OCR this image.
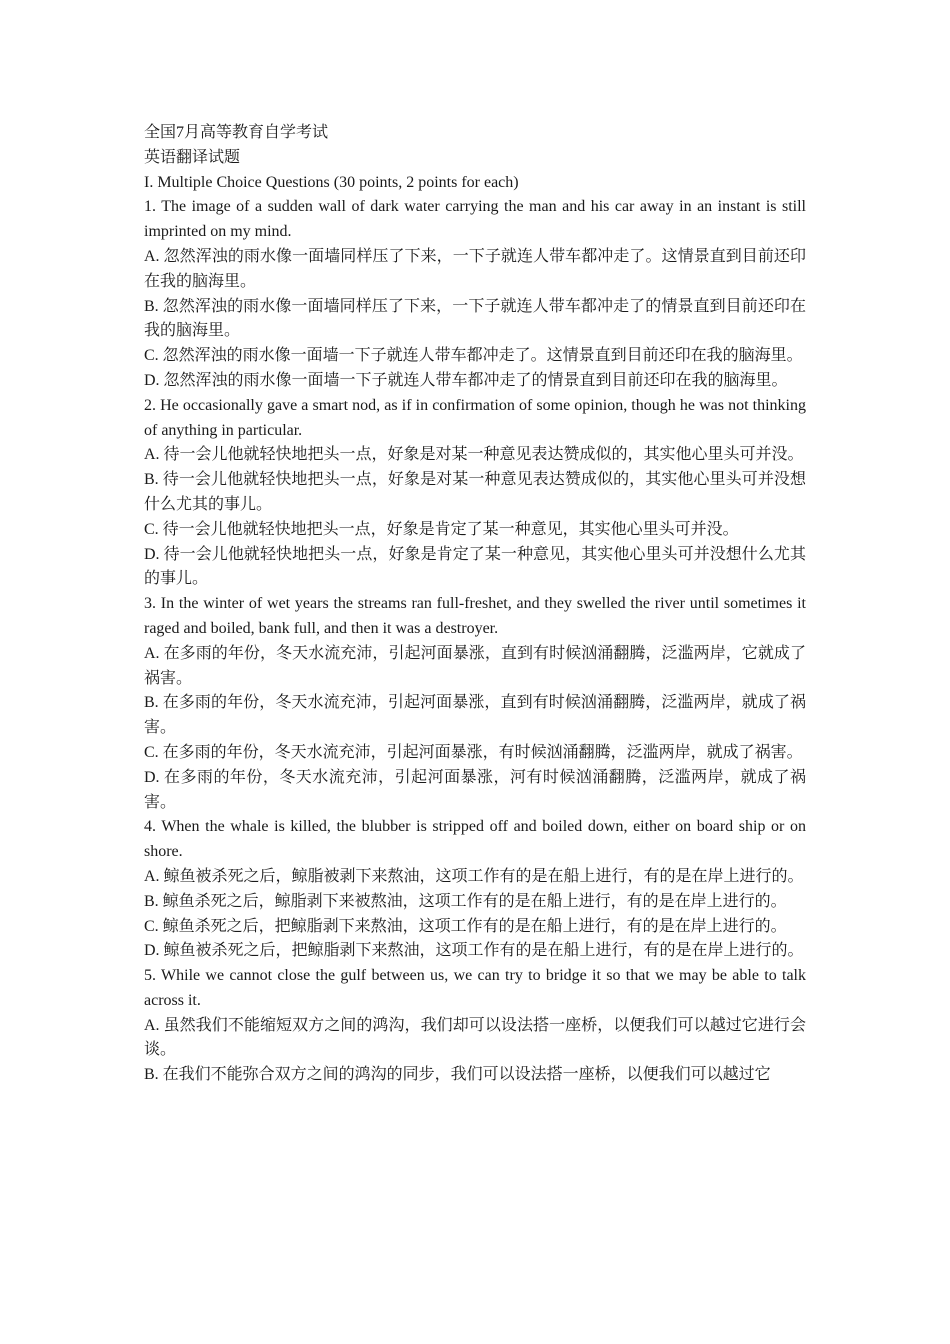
全国7月高等教育自学考试

英语翻译试题

I. Multiple Choice Questions (30 points, 2 points for each)

1. The image of a sudden wall of dark water carrying the man and his car away in an instant is still imprinted on my mind.

A. 忽然浑浊的雨水像一面墙同样压了下来，一下子就连人带车都冲走了。这情景直到目前还印在我的脑海里。

B. 忽然浑浊的雨水像一面墙同样压了下来，一下子就连人带车都冲走了的情景直到目前还印在我的脑海里。

C. 忽然浑浊的雨水像一面墙一下子就连人带车都冲走了。这情景直到目前还印在我的脑海里。

D. 忽然浑浊的雨水像一面墙一下子就连人带车都冲走了的情景直到目前还印在我的脑海里。

2. He occasionally gave a smart nod, as if in confirmation of some opinion, though he was not thinking of anything in particular.

A. 待一会儿他就轻快地把头一点，好象是对某一种意见表达赞成似的，其实他心里头可并没。

B. 待一会儿他就轻快地把头一点，好象是对某一种意见表达赞成似的，其实他心里头可并没想什么尤其的事儿。

C. 待一会儿他就轻快地把头一点，好象是肯定了某一种意见，其实他心里头可并没。

D. 待一会儿他就轻快地把头一点，好象是肯定了某一种意见，其实他心里头可并没想什么尤其的事儿。

3. In the winter of wet years the streams ran full-freshet, and they swelled the river until sometimes it raged and boiled, bank full, and then it was a destroyer.

A. 在多雨的年份，冬天水流充沛，引起河面暴涨，直到有时候汹涌翻腾，泛滥两岸，它就成了祸害。

B. 在多雨的年份，冬天水流充沛，引起河面暴涨，直到有时候汹涌翻腾，泛滥两岸，就成了祸害。

C. 在多雨的年份，冬天水流充沛，引起河面暴涨，有时候汹涌翻腾，泛滥两岸，就成了祸害。

D. 在多雨的年份，冬天水流充沛，引起河面暴涨，河有时候汹涌翻腾，泛滥两岸，就成了祸害。

4. When the whale is killed, the blubber is stripped off and boiled down, either on board ship or on shore.

A. 鲸鱼被杀死之后，鲸脂被剥下来熬油，这项工作有的是在船上进行，有的是在岸上进行的。

B. 鲸鱼杀死之后，鲸脂剥下来被熬油，这项工作有的是在船上进行，有的是在岸上进行的。

C. 鲸鱼杀死之后，把鲸脂剥下来熬油，这项工作有的是在船上进行，有的是在岸上进行的。

D. 鲸鱼被杀死之后，把鲸脂剥下来熬油，这项工作有的是在船上进行，有的是在岸上进行的。

5. While we cannot close the gulf between us, we can try to bridge it so that we may be able to talk across it.

A. 虽然我们不能缩短双方之间的鸿沟，我们却可以设法搭一座桥，以便我们可以越过它进行会谈。

B. 在我们不能弥合双方之间的鸿沟的同步，我们可以设法搭一座桥，以便我们可以越过它
